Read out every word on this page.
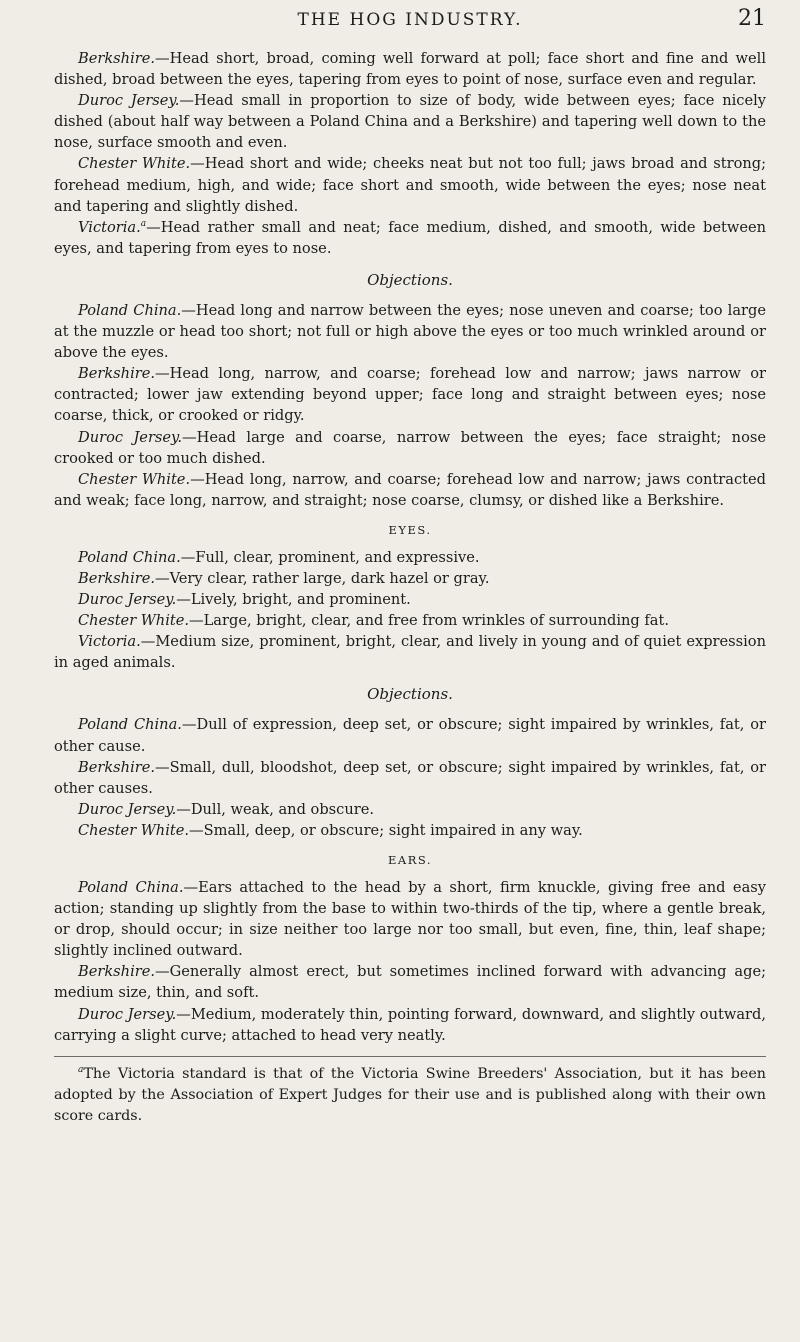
THE HOG INDUSTRY.	21

Berkshire.—Head short, broad, coming well forward at poll; face short and fine and well dished, broad between the eyes, tapering from eyes to point of nose, surface even and regular.

Duroc Jersey.—Head small in proportion to size of body, wide between eyes; face nicely dished (about half way between a Poland China and a Berkshire) and tapering well down to the nose, surface smooth and even.

Chester White.—Head short and wide; cheeks neat but not too full; jaws broad and strong; forehead medium, high, and wide; face short and smooth, wide between the eyes; nose neat and tapering and slightly dished.

Victoria.$^a$—Head rather small and neat; face medium, dished, and smooth, wide between eyes, and tapering from eyes to nose.

Objections.

Poland China.—Head long and narrow between the eyes; nose uneven and coarse; too large at the muzzle or head too short; not full or high above the eyes or too much wrinkled around or above the eyes.

Berkshire.—Head long, narrow, and coarse; forehead low and narrow; jaws narrow or contracted; lower jaw extending beyond upper; face long and straight between eyes; nose coarse, thick, or crooked or ridgy.

Duroc Jersey.—Head large and coarse, narrow between the eyes; face straight; nose crooked or too much dished.

Chester White.—Head long, narrow, and coarse; forehead low and narrow; jaws contracted and weak; face long, narrow, and straight; nose coarse, clumsy, or dished like a Berkshire.

EYES.

Poland China.—Full, clear, prominent, and expressive.

Berkshire.—Very clear, rather large, dark hazel or gray.

Duroc Jersey.—Lively, bright, and prominent.

Chester White.—Large, bright, clear, and free from wrinkles of surrounding fat.

Victoria.—Medium size, prominent, bright, clear, and lively in young and of quiet expression in aged animals.

Objections.

Poland China.—Dull of expression, deep set, or obscure; sight impaired by wrinkles, fat, or other cause.

Berkshire.—Small, dull, bloodshot, deep set, or obscure; sight impaired by wrinkles, fat, or other causes.

Duroc Jersey.—Dull, weak, and obscure.

Chester White.—Small, deep, or obscure; sight impaired in any way.

EARS.

Poland China.—Ears attached to the head by a short, firm knuckle, giving free and easy action; standing up slightly from the base to within two-thirds of the tip, where a gentle break, or drop, should occur; in size neither too large nor too small, but even, fine, thin, leaf shape; slightly inclined outward.

Berkshire.—Generally almost erect, but sometimes inclined forward with advancing age; medium size, thin, and soft.

Duroc Jersey.—Medium, moderately thin, pointing forward, downward, and slightly outward, carrying a slight curve; attached to head very neatly.

$^a$The Victoria standard is that of the Victoria Swine Breeders' Association, but it has been adopted by the Association of Expert Judges for their use and is published along with their own score cards.
